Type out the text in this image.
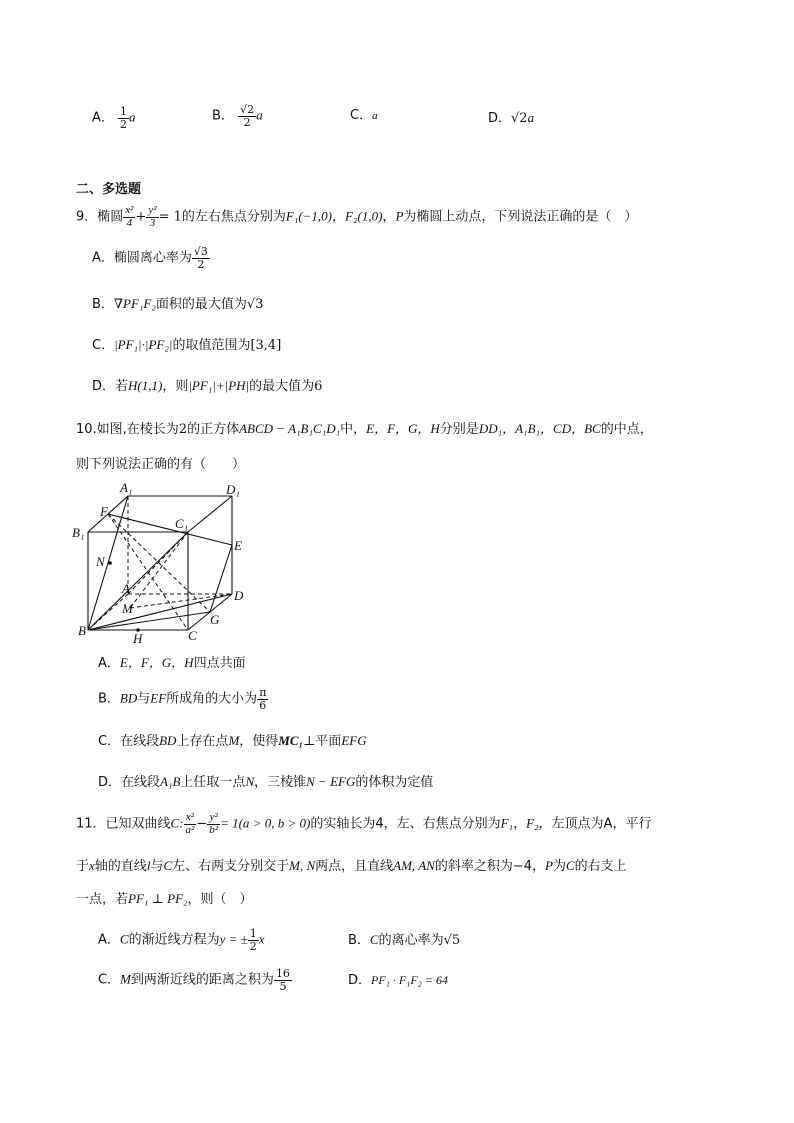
A． $\frac{1}{2}$ a	B． $\frac{√2}{2}$ a	C．a	D．√2a
二、多选题
9．椭圆 $\frac{\text{x²}}{4} + \frac{\text{y²}}{3} = 1$的左右焦点分别为F₁(−1,0)，F₂(1,0)，P为椭圆上动点，下列说法正确的是（　）
A．椭圆离心率为 $\frac{√3}{2}$
B．∇PF₁F₂面积的最大值为√3
C．|PF₁|·|PF₂|的取值范围为[3,4]
D．若H(1,1)，则|PF₁|+|PH|的最大值为6
10.如图,在棱长为2的正方体ABCD − A₁B₁C₁D₁中，E，F，G，H分别是DD₁，A₁B₁，CD，BC的中点，
则下列说法正确的有（　　）
A₁	D₁
F
C₁
B₁
E
N
A
M
D
G
B
H	C
A．E，F，G，H四点共面
B．BD与EF所成角的大小为 $\frac{\pi}{6}$
C．在线段BD上存在点M，使得MC₁⊥平面EFG
D．在线段A₁B上任取一点N，三棱锥N − EFG的体积为定值
11．已知双曲线C: $\frac{\text{x²}}{\text{a²}} - \frac{\text{y²}}{\text{b²}} = 1(a > 0$, b > 0)的实轴长为4，左、右焦点分别为F₁，F₂，左顶点为A，平行
于x轴的直线l与C左、右两支分别交于M, N两点，且直线AM, AN的斜率之积为−4，P为C的右支上
一点，若PF₁ ⊥ PF₂，则（　）
A．C的渐近线方程为y = ± $\frac{1}{2}$ x	B．C的离心率为√5
C．M到两渐近线的距离之积为 $\frac{16}{5}$	D．PF₁ · F₁F₂ = 64
